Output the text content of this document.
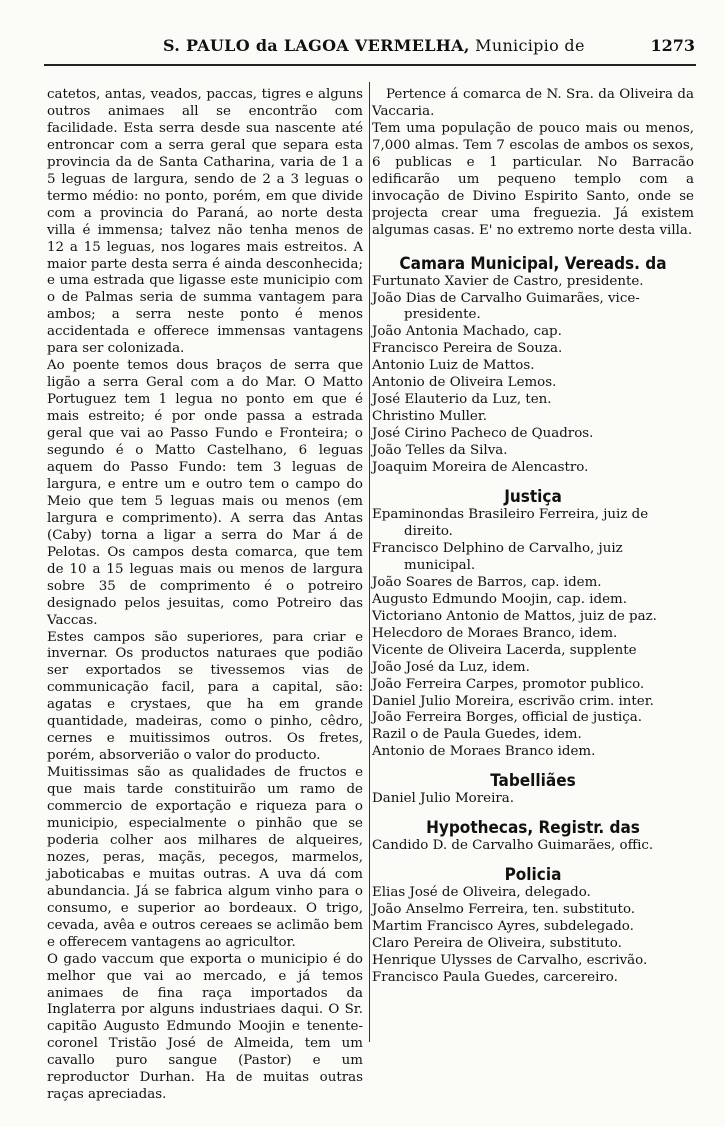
S. PAULO da LAGOA VERMELHA, Municipio de	1273

catetos, antas, veados, paccas, tigres e alguns outros animaes all se encontrão com facilidade. Esta serra desde sua nascente até entroncar com a serra geral que separa esta provincia da de Santa Catharina, varia de 1 a 5 leguas de largura, sendo de 2 a 3 leguas o termo médio: no ponto, porém, em que divide com a provincia do Paraná, ao norte desta villa é immensa; talvez não tenha menos de 12 a 15 leguas, nos logares mais estreitos. A maior parte desta serra é ainda desconhecida; e uma estrada que ligasse este municipio com o de Palmas seria de summa vantagem para ambos; a serra neste ponto é menos accidentada e offerece immensas vantagens para ser colonizada.

Ao poente temos dous braços de serra que ligão a serra Geral com a do Mar. O Matto Portuguez tem 1 legua no ponto em que é mais estreito; é por onde passa a estrada geral que vai ao Passo Fundo e Fronteira; o segundo é o Matto Castelhano, 6 leguas aquem do Passo Fundo: tem 3 leguas de largura, e entre um e outro tem o campo do Meio que tem 5 leguas mais ou menos (em largura e comprimento). A serra das Antas (Caby) torna a ligar a serra do Mar á de Pelotas. Os campos desta comarca, que tem de 10 a 15 leguas mais ou menos de largura sobre 35 de comprimento é o potreiro designado pelos jesuitas, como Potreiro das Vaccas.

Estes campos são superiores, para criar e invernar. Os productos naturaes que podião ser exportados se tivessemos vias de communicação facil, para a capital, são: agatas e crystaes, que ha em grande quantidade, madeiras, como o pinho, cêdro, cernes e muitissimos outros. Os fretes, porém, absorverião o valor do producto.

Muitissimas são as qualidades de fructos e que mais tarde constituirão um ramo de commercio de exportação e riqueza para o municipio, especialmente o pinhão que se poderia colher aos milhares de alqueires, nozes, peras, maçãs, pecegos, marmelos, jaboticabas e muitas outras. A uva dá com abundancia. Já se fabrica algum vinho para o consumo, e superior ao bordeaux. O trigo, cevada, avêa e outros cereaes se aclimão bem e offerecem vantagens ao agricultor.

O gado vaccum que exporta o municipio é do melhor que vai ao mercado, e já temos animaes de fina raça importados da Inglaterra por alguns industriaes daqui. O Sr. capitão Augusto Edmundo Moojin e tenente-coronel Tristão José de Almeida, tem um cavallo puro sangue (Pastor) e um reproductor Durhan. Ha de muitas outras raças apreciadas.

Pertence á comarca de N. Sra. da Oliveira da Vaccaria.

Tem uma população de pouco mais ou menos, 7,000 almas. Tem 7 escolas de ambos os sexos, 6 publicas e 1 particular. No Barracão edificarão um pequeno templo com a invocação de Divino Espirito Santo, onde se projecta crear uma freguezia. Já existem algumas casas. E' no extremo norte desta villa.

Camara Municipal, Vereads. da

Furtunato Xavier de Castro, presidente.

João Dias de Carvalho Guimarães, vice-presidente.

João Antonia Machado, cap.

Francisco Pereira de Souza.

Antonio Luiz de Mattos.

Antonio de Oliveira Lemos.

José Elauterio da Luz, ten.

Christino Muller.

José Cirino Pacheco de Quadros.

João Telles da Silva.

Joaquim Moreira de Alencastro.

Justiça

Epaminondas Brasileiro Ferreira, juiz de direito.

Francisco Delphino de Carvalho, juiz municipal.

João Soares de Barros, cap. idem.

Augusto Edmundo Moojin, cap. idem.

Victoriano Antonio de Mattos, juiz de paz.

Helecdoro de Moraes Branco, idem.

Vicente de Oliveira Lacerda, supplente

João José da Luz, idem.

João Ferreira Carpes, promotor publico.

Daniel Julio Moreira, escrivão crim. inter.

João Ferreira Borges, official de justiça.

Razil o de Paula Guedes, idem.

Antonio de Moraes Branco idem.

Tabelliães

Daniel Julio Moreira.

Hypothecas, Registr. das

Candido D. de Carvalho Guimarães, offic.

Policia

Elias José de Oliveira, delegado.

João Anselmo Ferreira, ten. substituto.

Martim Francisco Ayres, subdelegado.

Claro Pereira de Oliveira, substituto.

Henrique Ulysses de Carvalho, escrivão.

Francisco Paula Guedes, carcereiro.
